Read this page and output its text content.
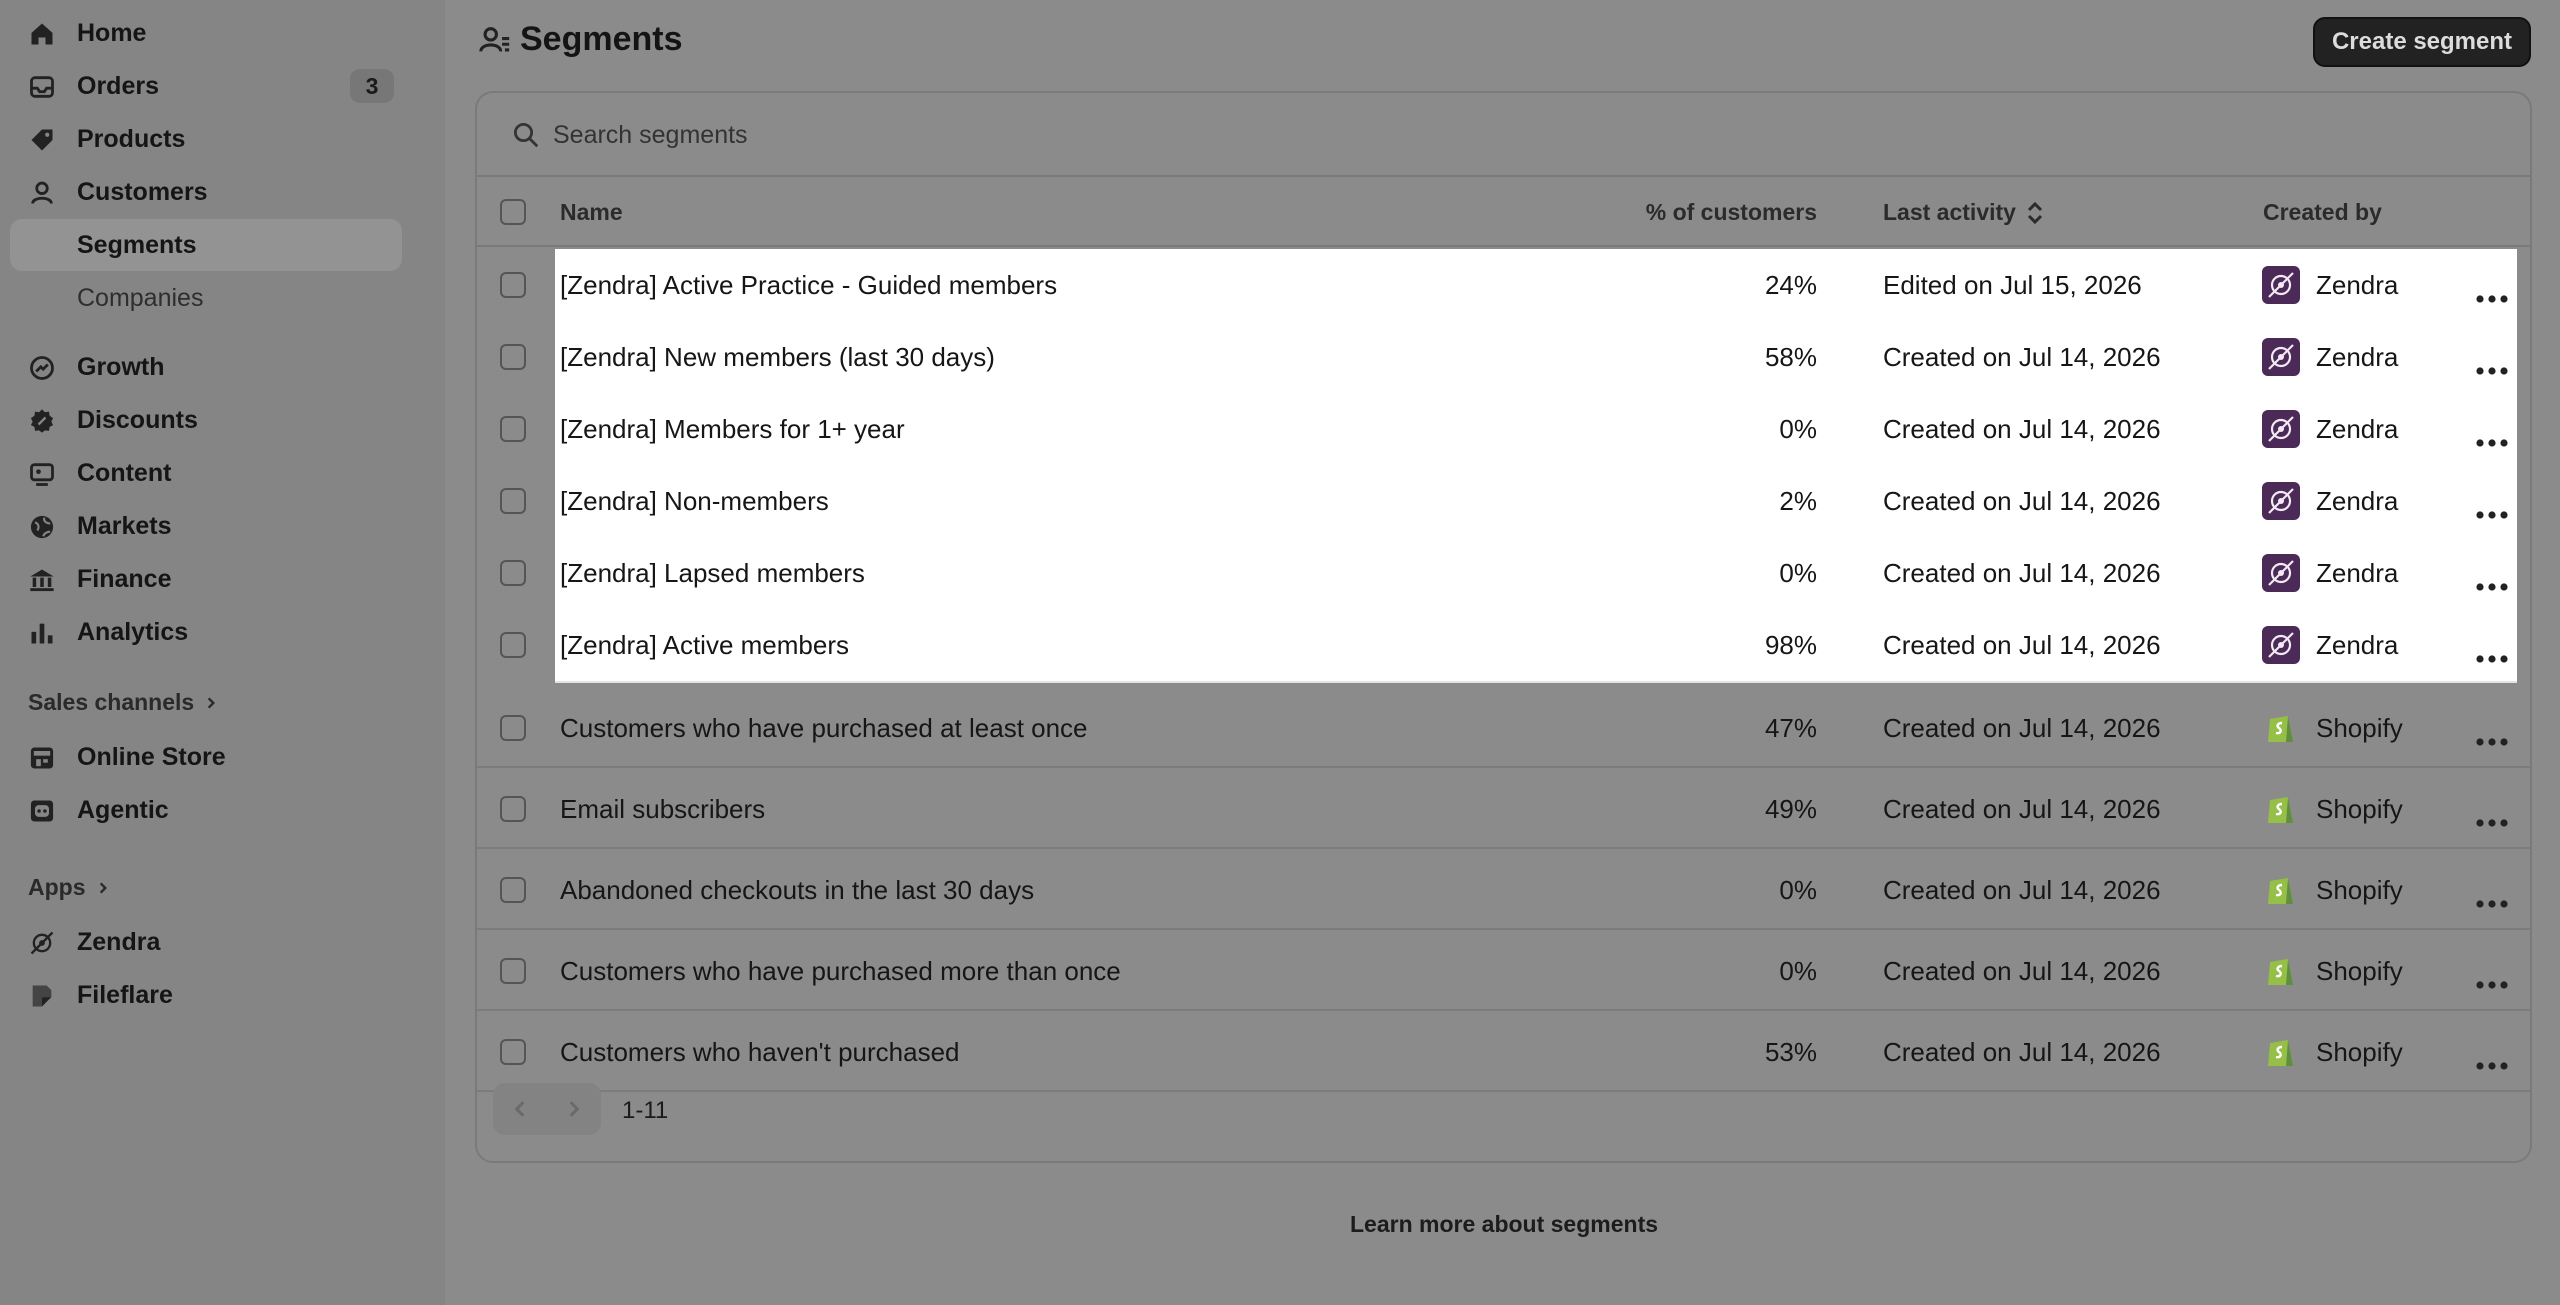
Home
Orders	3
Products
Customers
Segments
Companies
Growth
Discounts
Content
Markets
Finance
Analytics
Sales channels
Online Store
Agentic
Apps
Zendra
Fileflare
Segments	Create segment
Search segments
Name	% of customers	Last activity	Created by
[Zendra] Active Practice - Guided members	24%	Edited on Jul 15, 2026	Zendra
[Zendra] New members (last 30 days)	58%	Created on Jul 14, 2026	Zendra
[Zendra] Members for 1+ year	0%	Created on Jul 14, 2026	Zendra
[Zendra] Non-members	2%	Created on Jul 14, 2026	Zendra
[Zendra] Lapsed members	0%	Created on Jul 14, 2026	Zendra
[Zendra] Active members	98%	Created on Jul 14, 2026	Zendra
Customers who have purchased at least once	47%	Created on Jul 14, 2026	Shopify
Email subscribers	49%	Created on Jul 14, 2026	Shopify
Abandoned checkouts in the last 30 days	0%	Created on Jul 14, 2026	Shopify
Customers who have purchased more than once	0%	Created on Jul 14, 2026	Shopify
Customers who haven't purchased	53%	Created on Jul 14, 2026	Shopify
1-11
Learn more about segments
